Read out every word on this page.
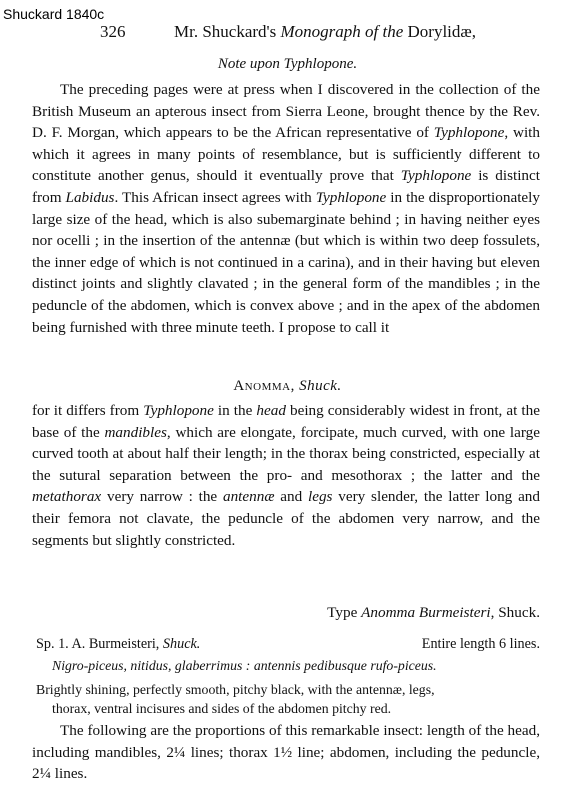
Shuckard 1840c
326	Mr. Shuckard's Monograph of the Dorylidæ,
Note upon Typhlopone.
The preceding pages were at press when I discovered in the collection of the British Museum an apterous insect from Sierra Leone, brought thence by the Rev. D. F. Morgan, which appears to be the African representative of Typhlopone, with which it agrees in many points of resemblance, but is sufficiently different to constitute another genus, should it eventually prove that Typhlopone is distinct from Labidus. This African insect agrees with Typhlopone in the disproportionately large size of the head, which is also subemarginate behind ; in having neither eyes nor ocelli ; in the insertion of the antennæ (but which is within two deep fossulets, the inner edge of which is not continued in a carina), and in their having but eleven distinct joints and slightly clavated ; in the general form of the mandibles ; in the peduncle of the abdomen, which is convex above ; and in the apex of the abdomen being furnished with three minute teeth. I propose to call it
Anomma, Shuck.
for it differs from Typhlopone in the head being considerably widest in front, at the base of the mandibles, which are elongate, forcipate, much curved, with one large curved tooth at about half their length; in the thorax being constricted, especially at the sutural separation between the pro- and mesothorax ; the latter and the metathorax very narrow : the antennæ and legs very slender, the latter long and their femora not clavate, the peduncle of the abdomen very narrow, and the segments but slightly constricted.
Type Anomma Burmeisteri, Shuck.
Sp. 1. A. Burmeisteri, Shuck.	Entire length 6 lines.
Nigro-piceus, nitidus, glaberrimus : antennis pedibusque rufo-piceus.
Brightly shining, perfectly smooth, pitchy black, with the antennæ, legs,
thorax, ventral incisures and sides of the abdomen pitchy red.
The following are the proportions of this remarkable insect: length of the head, including mandibles, 2¼ lines; thorax 1½ line; abdomen, including the peduncle, 2¼ lines.
